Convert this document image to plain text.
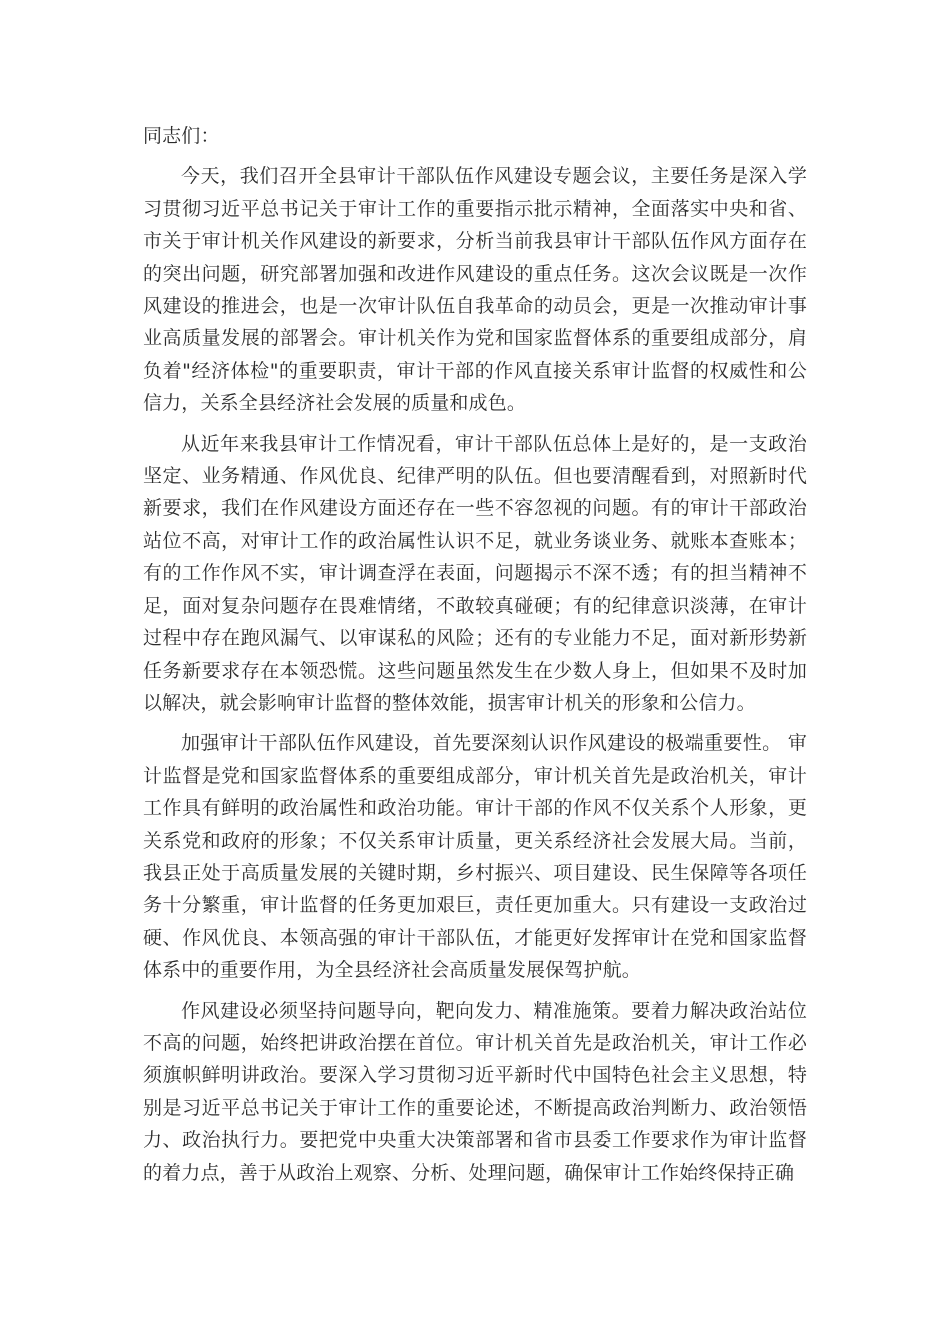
同志们：

今天，我们召开全县审计干部队伍作风建设专题会议，主要任务是深入学习贯彻习近平总书记关于审计工作的重要指示批示精神，全面落实中央和省、市关于审计机关作风建设的新要求，分析当前我县审计干部队伍作风方面存在的突出问题，研究部署加强和改进作风建设的重点任务。这次会议既是一次作风建设的推进会，也是一次审计队伍自我革命的动员会，更是一次推动审计事业高质量发展的部署会。审计机关作为党和国家监督体系的重要组成部分，肩负着"经济体检"的重要职责，审计干部的作风直接关系审计监督的权威性和公信力，关系全县经济社会发展的质量和成色。

从近年来我县审计工作情况看，审计干部队伍总体上是好的，是一支政治坚定、业务精通、作风优良、纪律严明的队伍。但也要清醒看到，对照新时代新要求，我们在作风建设方面还存在一些不容忽视的问题。有的审计干部政治站位不高，对审计工作的政治属性认识不足，就业务谈业务、就账本查账本；有的工作作风不实，审计调查浮在表面，问题揭示不深不透；有的担当精神不足，面对复杂问题存在畏难情绪，不敢较真碰硬；有的纪律意识淡薄，在审计过程中存在跑风漏气、以审谋私的风险；还有的专业能力不足，面对新形势新任务新要求存在本领恐慌。这些问题虽然发生在少数人身上，但如果不及时加以解决，就会影响审计监督的整体效能，损害审计机关的形象和公信力。

加强审计干部队伍作风建设，首先要深刻认识作风建设的极端重要性。 审计监督是党和国家监督体系的重要组成部分，审计机关首先是政治机关，审计工作具有鲜明的政治属性和政治功能。审计干部的作风不仅关系个人形象，更关系党和政府的形象；不仅关系审计质量，更关系经济社会发展大局。当前，我县正处于高质量发展的关键时期，乡村振兴、项目建设、民生保障等各项任务十分繁重，审计监督的任务更加艰巨，责任更加重大。只有建设一支政治过硬、作风优良、本领高强的审计干部队伍，才能更好发挥审计在党和国家监督体系中的重要作用，为全县经济社会高质量发展保驾护航。

作风建设必须坚持问题导向，靶向发力、精准施策。要着力解决政治站位不高的问题，始终把讲政治摆在首位。审计机关首先是政治机关，审计工作必须旗帜鲜明讲政治。要深入学习贯彻习近平新时代中国特色社会主义思想，特别是习近平总书记关于审计工作的重要论述，不断提高政治判断力、政治领悟力、政治执行力。要把党中央重大决策部署和省市县委工作要求作为审计监督的着力点，善于从政治上观察、分析、处理问题，确保审计工作始终保持正确
